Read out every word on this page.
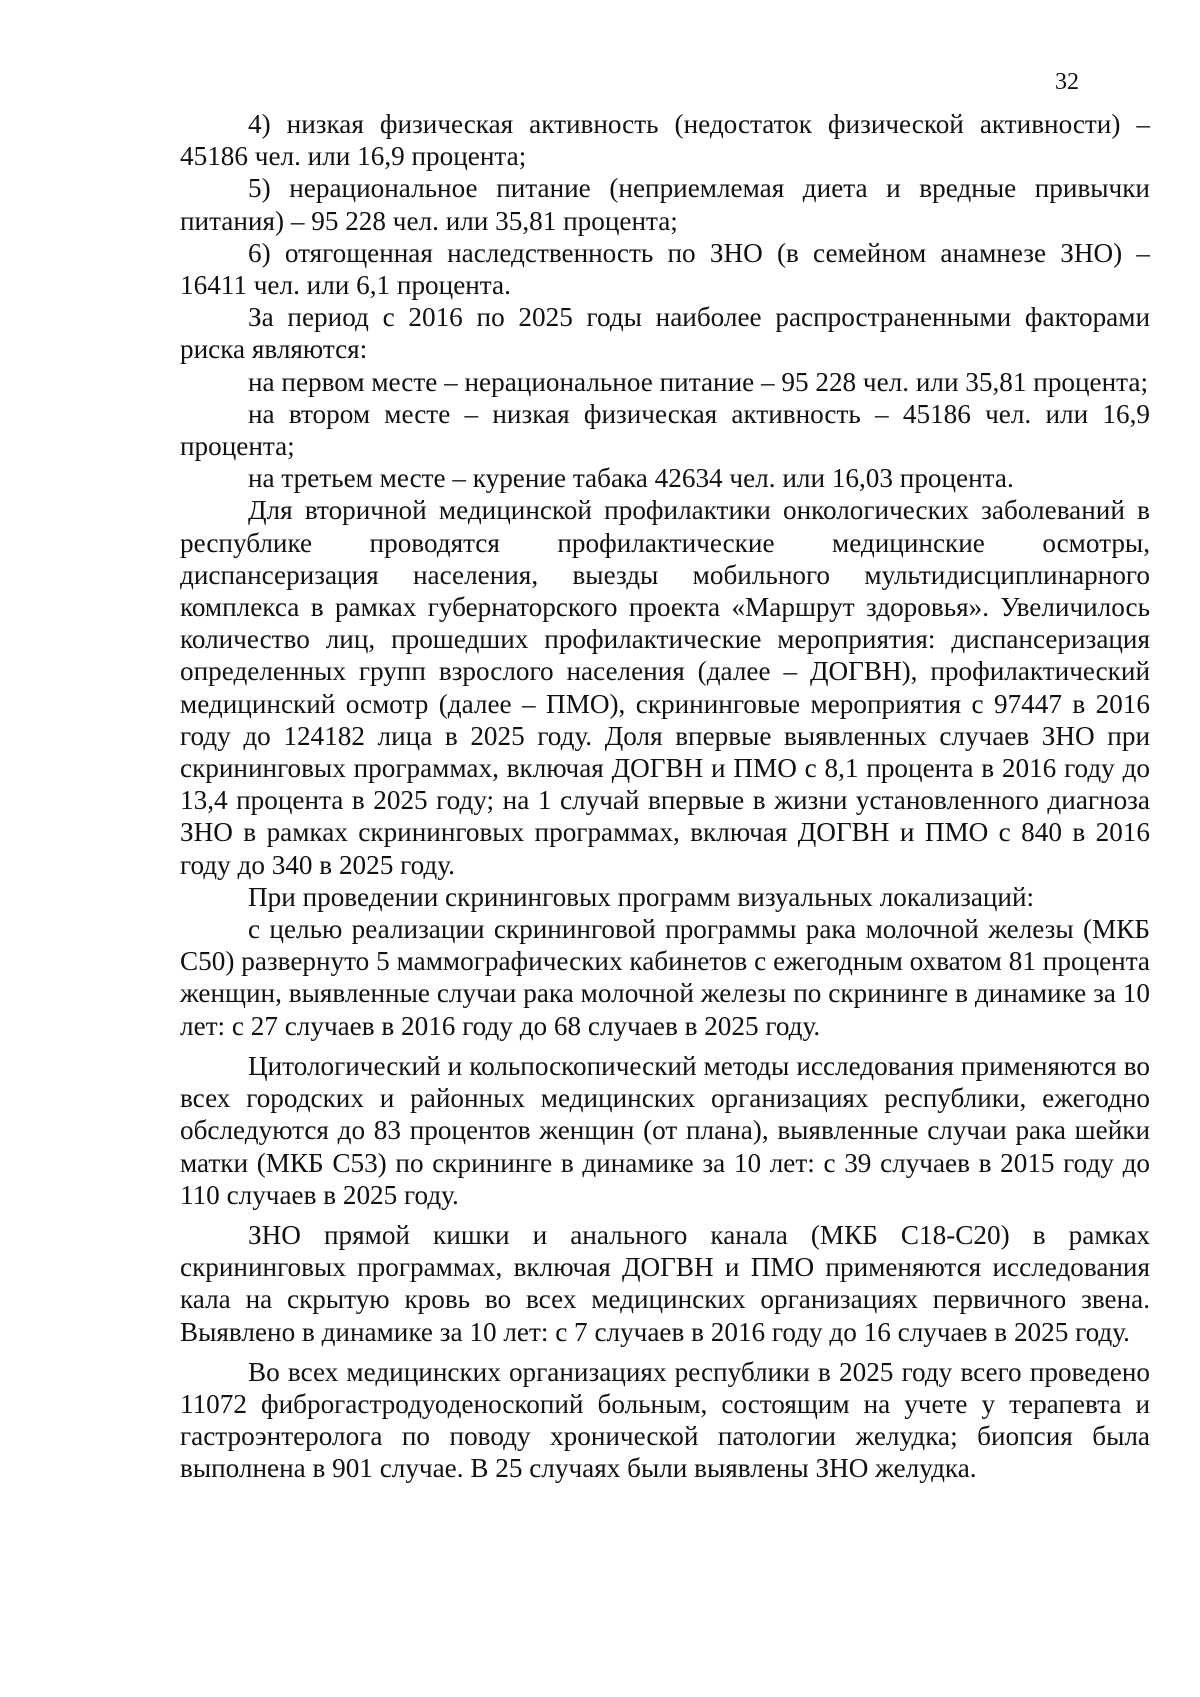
32

4) низкая физическая активность (недостаток физической активности) – 45186 чел. или 16,9 процента;

5) нерациональное питание (неприемлемая диета и вредные привычки питания) – 95 228 чел. или 35,81 процента;

6) отягощенная наследственность по ЗНО (в семейном анамнезе ЗНО) – 16411 чел. или 6,1 процента.

За период с 2016 по 2025 годы наиболее распространенными факторами риска являются:

на первом месте – нерациональное питание – 95 228 чел. или 35,81 процента;

на втором месте – низкая физическая активность – 45186 чел. или 16,9 процента;

на третьем месте – курение табака 42634 чел. или 16,03 процента.

Для вторичной медицинской профилактики онкологических заболеваний в республике проводятся профилактические медицинские осмотры, диспансеризация населения, выезды мобильного мультидисциплинарного комплекса в рамках губернаторского проекта «Маршрут здоровья». Увеличилось количество лиц, прошедших профилактические мероприятия: диспансеризация определенных групп взрослого населения (далее – ДОГВН), профилактический медицинский осмотр (далее – ПМО), скрининговые мероприятия с 97447 в 2016 году до 124182 лица в 2025 году. Доля впервые выявленных случаев ЗНО при скрининговых программах, включая ДОГВН и ПМО с 8,1 процента в 2016 году до 13,4 процента в 2025 году; на 1 случай впервые в жизни установленного диагноза ЗНО в рамках скрининговых программах, включая ДОГВН и ПМО с 840 в 2016 году до 340 в 2025 году.

При проведении скрининговых программ визуальных локализаций:

с целью реализации скрининговой программы рака молочной железы (МКБ С50) развернуто 5 маммографических кабинетов с ежегодным охватом 81 процента женщин, выявленные случаи рака молочной железы по скрининге в динамике за 10 лет: с 27 случаев в 2016 году до 68 случаев в 2025 году.

Цитологический и кольпоскопический методы исследования применяются во всех городских и районных медицинских организациях республики, ежегодно обследуются до 83 процентов женщин (от плана), выявленные случаи рака шейки матки (МКБ С53) по скрининге в динамике за 10 лет: с 39 случаев в 2015 году до 110 случаев в 2025 году.

ЗНО прямой кишки и анального канала (МКБ С18-С20) в рамках скрининговых программах, включая ДОГВН и ПМО применяются исследования кала на скрытую кровь во всех медицинских организациях первичного звена. Выявлено в динамике за 10 лет: с 7 случаев в 2016 году до 16 случаев в 2025 году.

Во всех медицинских организациях республики в 2025 году всего проведено 11072 фиброгастродуоденоскопий больным, состоящим на учете у терапевта и гастроэнтеролога по поводу хронической патологии желудка; биопсия была выполнена в 901 случае. В 25 случаях были выявлены ЗНО желудка.
